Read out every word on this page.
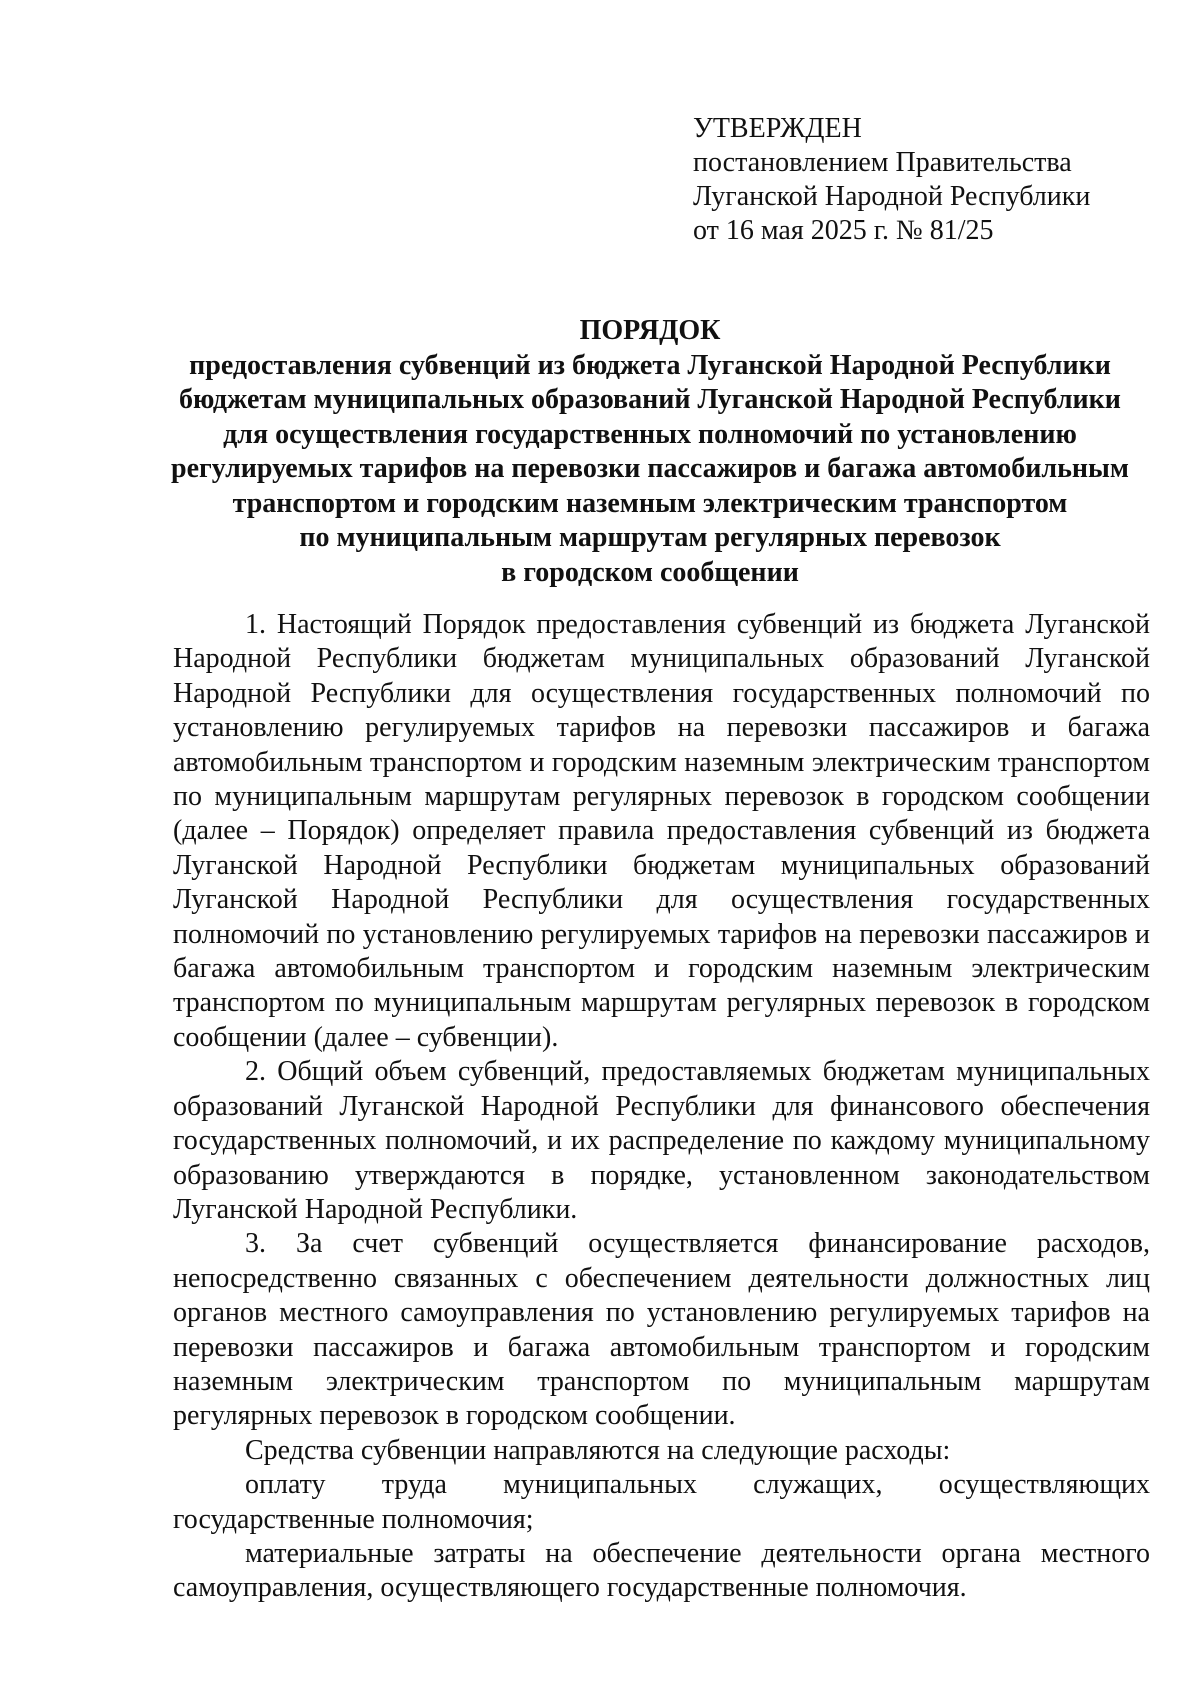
УТВЕРЖДЕН
постановлением Правительства
Луганской Народной Республики
от 16 мая 2025 г. № 81/25
ПОРЯДОК
предоставления субвенций из бюджета Луганской Народной Республики
бюджетам муниципальных образований Луганской Народной Республики
для осуществления государственных полномочий по установлению
регулируемых тарифов на перевозки пассажиров и багажа автомобильным
транспортом и городским наземным электрическим транспортом
по муниципальным маршрутам регулярных перевозок
в городском сообщении

1. Настоящий Порядок предоставления субвенций из бюджета Луганской Народной Республики бюджетам муниципальных образований Луганской Народной Республики для осуществления государственных полномочий по установлению регулируемых тарифов на перевозки пассажиров и багажа автомобильным транспортом и городским наземным электрическим транспортом по муниципальным маршрутам регулярных перевозок в городском сообщении (далее – Порядок) определяет правила предоставления субвенций из бюджета Луганской Народной Республики бюджетам муниципальных образований Луганской Народной Республики для осуществления государственных полномочий по установлению регулируемых тарифов на перевозки пассажиров и багажа автомобильным транспортом и городским наземным электрическим транспортом по муниципальным маршрутам регулярных перевозок в городском сообщении (далее – субвенции).

2. Общий объем субвенций, предоставляемых бюджетам муниципальных образований Луганской Народной Республики для финансового обеспечения государственных полномочий, и их распределение по каждому муниципальному образованию утверждаются в порядке, установленном законодательством Луганской Народной Республики.

3. За счет субвенций осуществляется финансирование расходов, непосредственно связанных с обеспечением деятельности должностных лиц органов местного самоуправления по установлению регулируемых тарифов на перевозки пассажиров и багажа автомобильным транспортом и городским наземным электрическим транспортом по муниципальным маршрутам регулярных перевозок в городском сообщении.

Средства субвенции направляются на следующие расходы:

оплату труда муниципальных служащих, осуществляющих государственные полномочия;

материальные затраты на обеспечение деятельности органа местного самоуправления, осуществляющего государственные полномочия.
